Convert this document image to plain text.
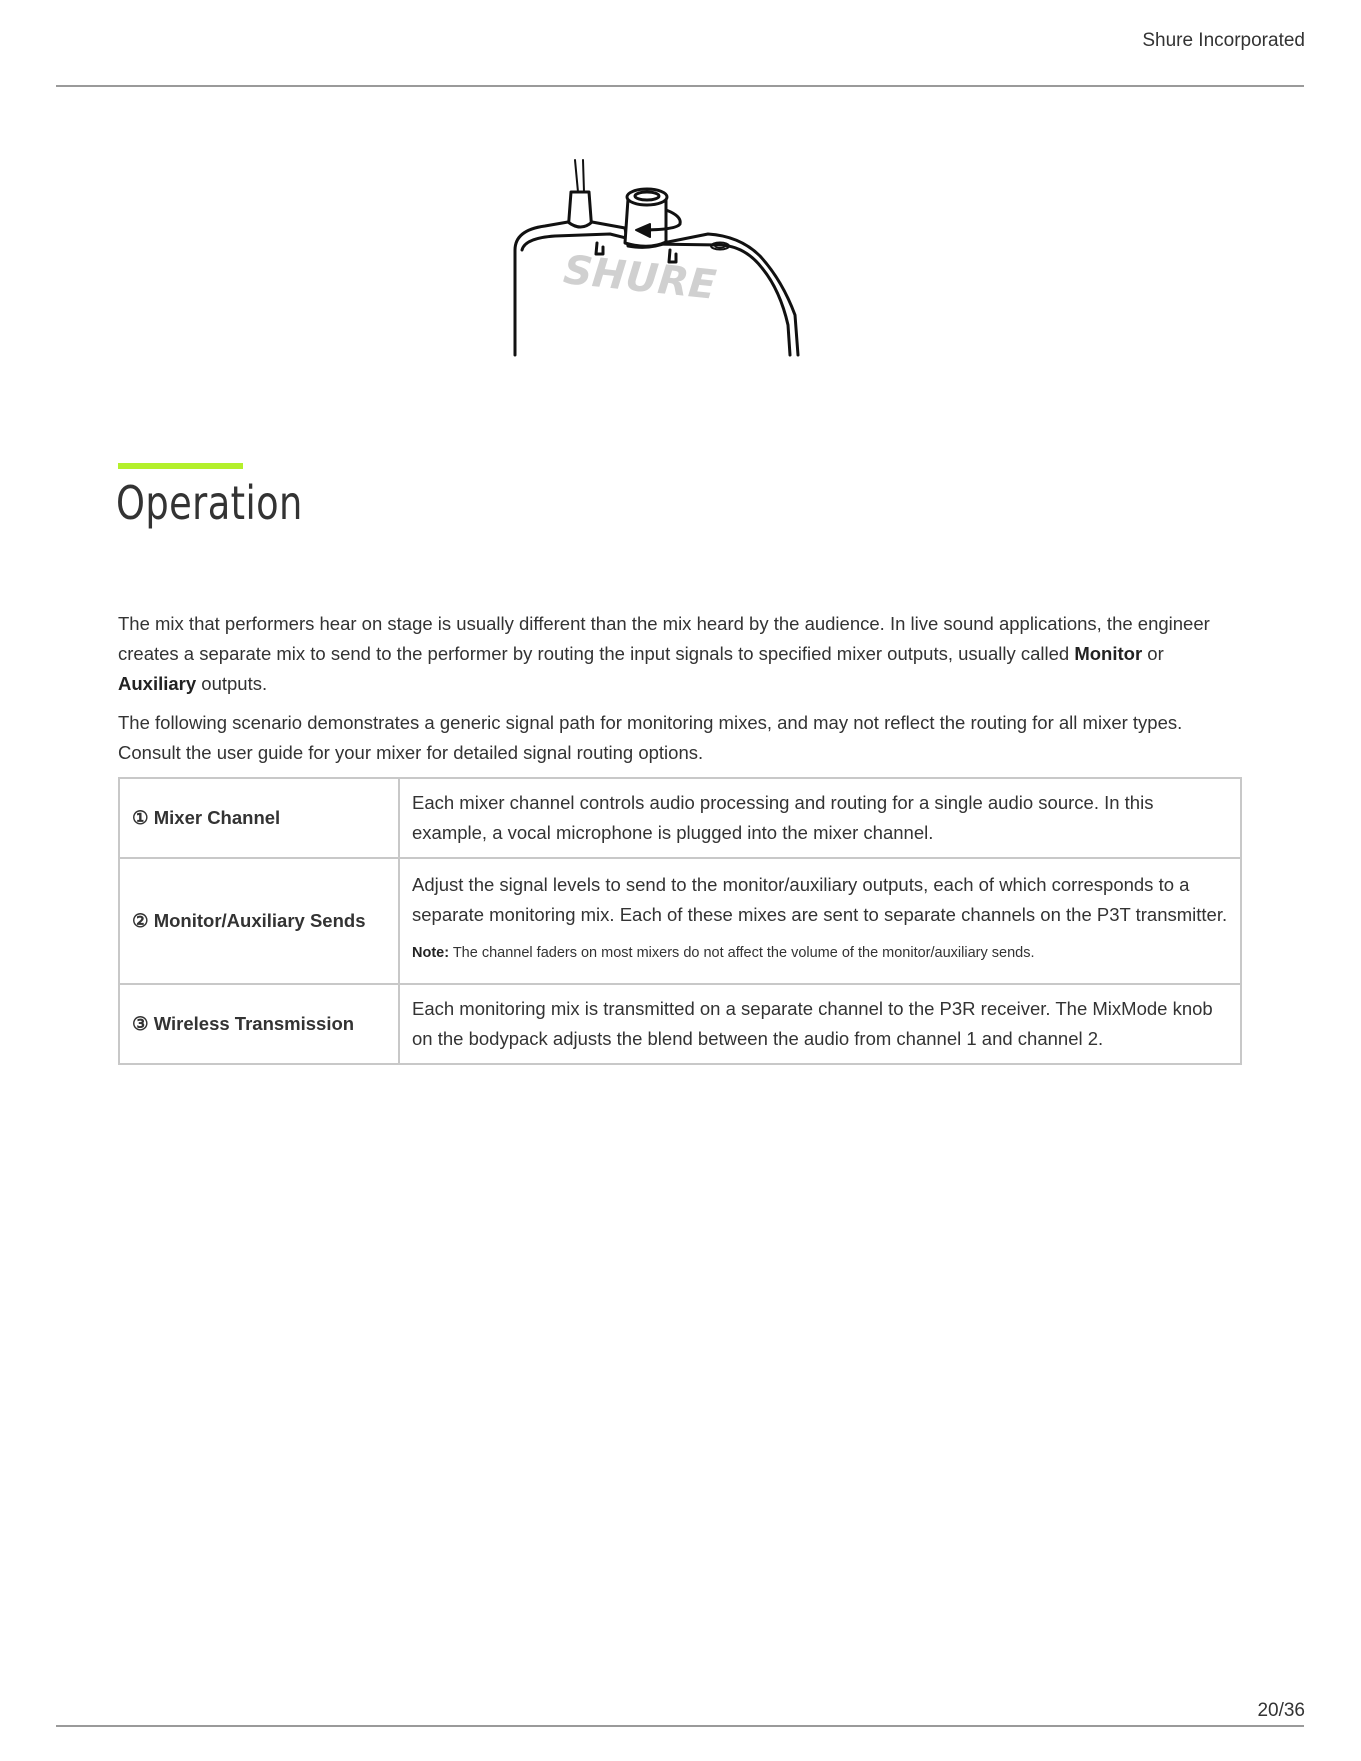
Shure Incorporated
SHURE
Operation

The mix that performers hear on stage is usually different than the mix heard by the audience. In live sound applications, the engineer creates a separate mix to send to the performer by routing the input signals to specified mixer outputs, usually called Monitor or Auxiliary outputs.

The following scenario demonstrates a generic signal path for monitoring mixes, and may not reflect the routing for all mixer types. Consult the user guide for your mixer for detailed signal routing options.

① Mixer Channel	Each mixer channel controls audio processing and routing for a single audio source. In this example, a vocal microphone is plugged into the mixer channel.
② Monitor/Auxiliary Sends	Adjust the signal levels to send to the monitor/auxiliary outputs, each of which corresponds to a separate monitoring mix. Each of these mixes are sent to separate channels on the P3T transmitter.
Note: The channel faders on most mixers do not affect the volume of the monitor/auxiliary sends.

③ Wireless Transmission	Each monitoring mix is transmitted on a separate channel to the P3R receiver. The MixMode knob on the bodypack adjusts the blend between the audio from channel 1 and channel 2.
20/36
